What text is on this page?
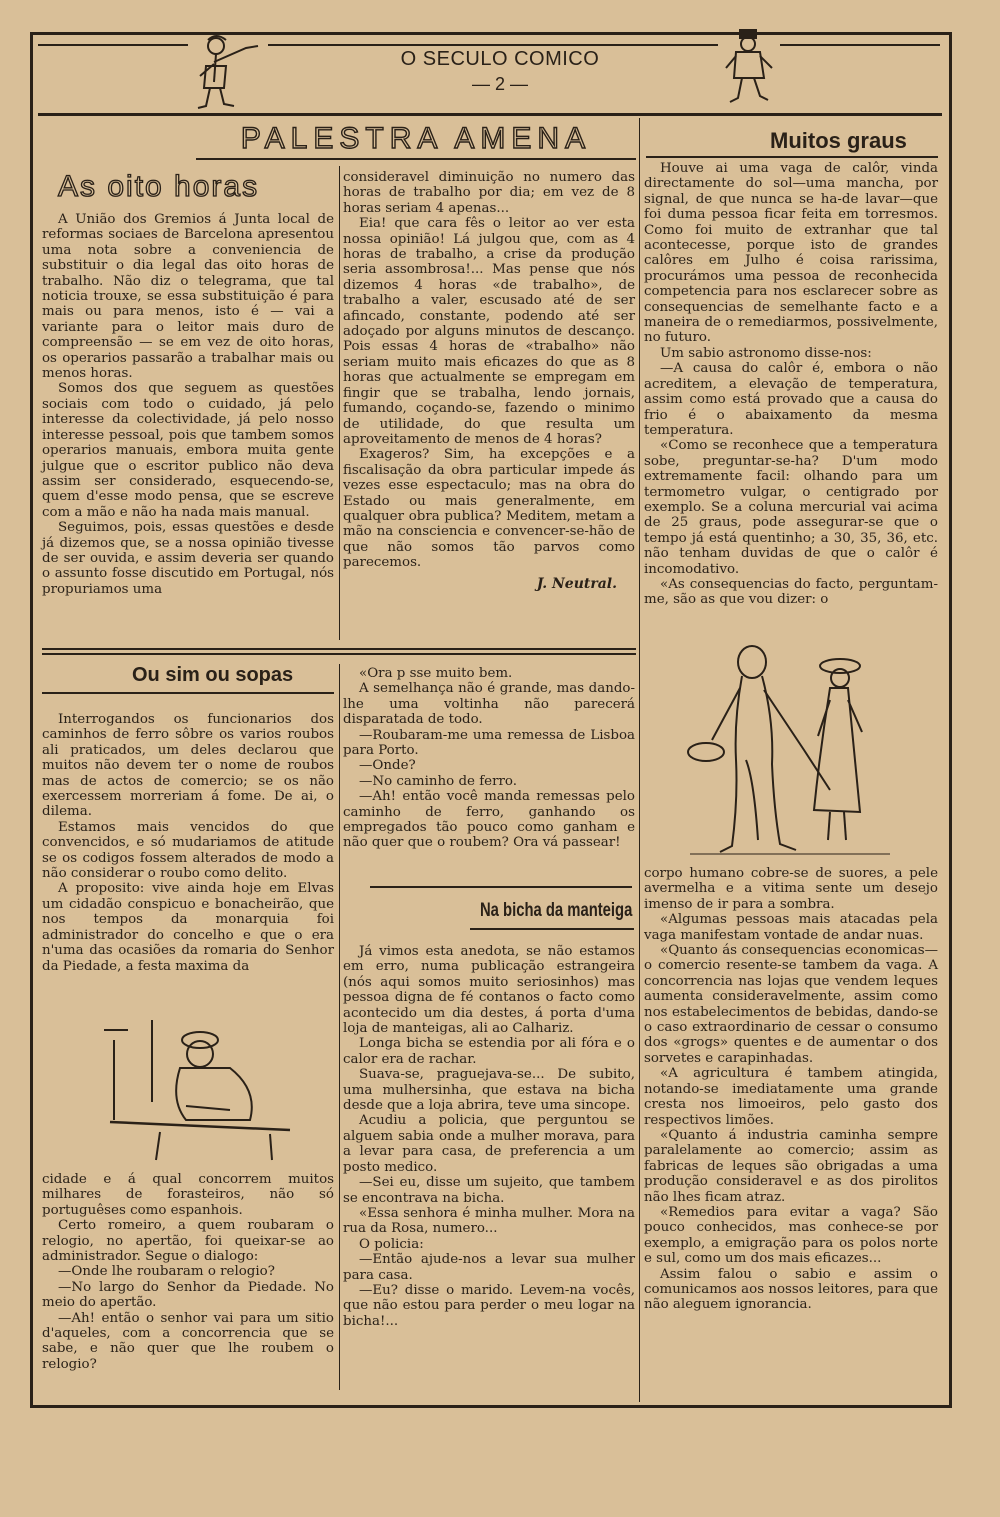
O SECULO COMICO
— 2 —
PALESTRA AMENA
As oito horas

A União dos Gremios á Junta local de reformas sociaes de Barcelona apresentou uma nota sobre a conveniencia de substituir o dia legal das oito horas de trabalho. Não diz o telegrama, que tal noticia trouxe, se essa substituição é para mais ou para menos, isto é — vai a variante para o leitor mais duro de compreensão — se em vez de oito horas, os operarios passarão a trabalhar mais ou menos horas.

Somos dos que seguem as questões sociais com todo o cuidado, já pelo interesse da colectividade, já pelo nosso interesse pessoal, pois que tambem somos operarios manuais, embora muita gente julgue que o escritor publico não deva assim ser considerado, esquecendo-se, quem d'esse modo pensa, que se escreve com a mão e não ha nada mais manual.

Seguimos, pois, essas questões e desde já dizemos que, se a nossa opinião tivesse de ser ouvida, e assim deveria ser quando o assunto fosse discutido em Portugal, nós propuriamos uma

consideravel diminuição no numero das horas de trabalho por dia; em vez de 8 horas seriam 4 apenas...

Eia! que cara fês o leitor ao ver esta nossa opinião! Lá julgou que, com as 4 horas de trabalho, a crise da produção seria assombrosa!... Mas pense que nós dizemos 4 horas «de trabalho», de trabalho a valer, escusado até de ser afincado, constante, podendo até ser adoçado por alguns minutos de descanço. Pois essas 4 horas de «trabalho» não seriam muito mais eficazes do que as 8 horas que actualmente se empregam em fingir que se trabalha, lendo jornais, fumando, coçando-se, fazendo o minimo de utilidade, do que resulta um aproveitamento de menos de 4 horas?

Exageros? Sim, ha excepções e a fiscalisação da obra particular impede ás vezes esse espectaculo; mas na obra do Estado ou mais generalmente, em qualquer obra publica? Meditem, metam a mão na consciencia e convencer-se-hão de que não somos tão parvos como parecemos.

J. Neutral.
Muitos graus

Houve ai uma vaga de calôr, vinda directamente do sol—uma mancha, por signal, de que nunca se ha-de lavar—que foi duma pessoa ficar feita em torresmos. Como foi muito de extranhar que tal acontecesse, porque isto de grandes calôres em Julho é coisa rarissima, procurámos uma pessoa de reconhecida competencia para nos esclarecer sobre as consequencias de semelhante facto e a maneira de o remediarmos, possivelmente, no futuro.

Um sabio astronomo disse-nos:

—A causa do calôr é, embora o não acreditem, a elevação de temperatura, assim como está provado que a causa do frio é o abaixamento da mesma temperatura.

«Como se reconhece que a temperatura sobe, preguntar-se-ha? D'um modo extremamente facil: olhando para um termometro vulgar, o centigrado por exemplo. Se a coluna mercurial vai acima de 25 graus, pode assegurar-se que o tempo já está quentinho; a 30, 35, 36, etc. não tenham duvidas de que o calôr é incomodativo.

«As consequencias do facto, perguntam-me, são as que vou dizer: o

corpo humano cobre-se de suores, a pele avermelha e a vitima sente um desejo imenso de ir para a sombra.

«Algumas pessoas mais atacadas pela vaga manifestam vontade de andar nuas.

«Quanto ás consequencias economicas—o comercio resente-se tambem da vaga. A concorrencia nas lojas que vendem leques aumenta consideravelmente, assim como nos estabelecimentos de bebidas, dando-se o caso extraordinario de cessar o consumo dos «grogs» quentes e de aumentar o dos sorvetes e carapinhadas.

«A agricultura é tambem atingida, notando-se imediatamente uma grande cresta nos limoeiros, pelo gasto dos respectivos limões.

«Quanto á industria caminha sempre paralelamente ao comercio; assim as fabricas de leques são obrigadas a uma produção consideravel e as dos pirolitos não lhes ficam atraz.

«Remedios para evitar a vaga? São pouco conhecidos, mas conhece-se por exemplo, a emigração para os polos norte e sul, como um dos mais eficazes...

Assim falou o sabio e assim o comunicamos aos nossos leitores, para que não aleguem ignorancia.

Ou sim ou sopas

Interrogandos os funcionarios dos caminhos de ferro sôbre os varios roubos ali praticados, um deles declarou que muitos não devem ter o nome de roubos mas de actos de comercio; se os não exercessem morreriam á fome. De ai, o dilema.

Estamos mais vencidos do que convencidos, e só mudariamos de atitude se os codigos fossem alterados de modo a não considerar o roubo como delito.

A proposito: vive ainda hoje em Elvas um cidadão conspicuo e bonacheirão, que nos tempos da monarquia foi administrador do concelho e que o era n'uma das ocasiões da romaria do Senhor da Piedade, a festa maxima da

cidade e á qual concorrem muitos milhares de forasteiros, não só portuguêses como espanhois.

Certo romeiro, a quem roubaram o relogio, no apertão, foi queixar-se ao administrador. Segue o dialogo:

—Onde lhe roubaram o relogio?

—No largo do Senhor da Piedade. No meio do apertão.

—Ah! então o senhor vai para um sitio d'aqueles, com a concorrencia que se sabe, e não quer que lhe roubem o relogio?

«Ora p sse muito bem.

A semelhança não é grande, mas dando-lhe uma voltinha não parecerá disparatada de todo.

—Roubaram-me uma remessa de Lisboa para Porto.

—Onde?

—No caminho de ferro.

—Ah! então você manda remessas pelo caminho de ferro, ganhando os empregados tão pouco como ganham e não quer que o roubem? Ora vá passear!

Na bicha da manteiga

Já vimos esta anedota, se não estamos em erro, numa publicação estrangeira (nós aqui somos muito seriosinhos) mas pessoa digna de fé contanos o facto como acontecido um dia destes, á porta d'uma loja de manteigas, ali ao Calhariz.

Longa bicha se estendia por ali fóra e o calor era de rachar.

Suava-se, praguejava-se... De subito, uma mulhersinha, que estava na bicha desde que a loja abrira, teve uma sincope.

Acudiu a policia, que perguntou se alguem sabia onde a mulher morava, para a levar para casa, de preferencia a um posto medico.

—Sei eu, disse um sujeito, que tambem se encontrava na bicha.

«Essa senhora é minha mulher. Mora na rua da Rosa, numero...

O policia:

—Então ajude-nos a levar sua mulher para casa.

—Eu? disse o marido. Levem-na vocês, que não estou para perder o meu logar na bicha!...
